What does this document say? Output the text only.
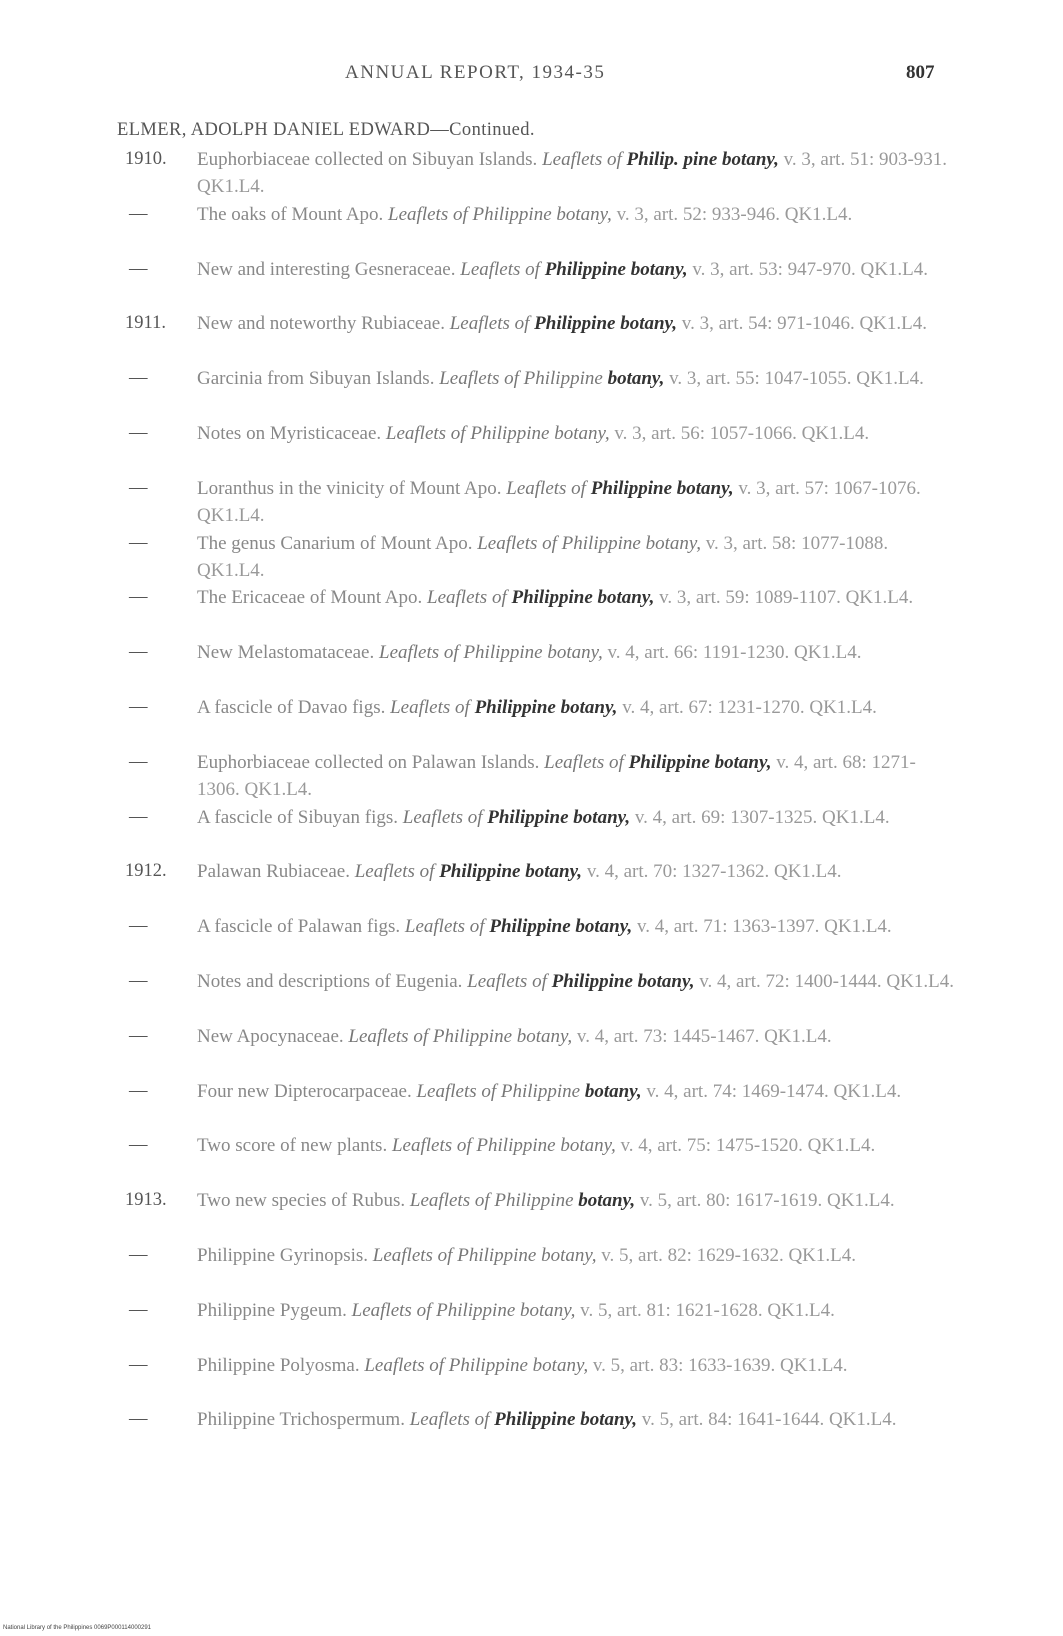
ANNUAL REPORT, 1934-35	807
ELMER, ADOLPH DANIEL EDWARD—Continued.
1910.	Euphorbiaceae collected on Sibuyan Islands. Leaflets of Philip. pine botany, v. 3, art. 51: 903-931. QK1.L4.
—	The oaks of Mount Apo. Leaflets of Philippine botany, v. 3, art. 52: 933-946. QK1.L4.
—	New and interesting Gesneraceae. Leaflets of Philippine botany, v. 3, art. 53: 947-970. QK1.L4.
1911.	New and noteworthy Rubiaceae. Leaflets of Philippine botany, v. 3, art. 54: 971-1046. QK1.L4.
—	Garcinia from Sibuyan Islands. Leaflets of Philippine botany, v. 3, art. 55: 1047-1055. QK1.L4.
—	Notes on Myristicaceae. Leaflets of Philippine botany, v. 3, art. 56: 1057-1066. QK1.L4.
—	Loranthus in the vinicity of Mount Apo. Leaflets of Philippine botany, v. 3, art. 57: 1067-1076. QK1.L4.
—	The genus Canarium of Mount Apo. Leaflets of Philippine botany, v. 3, art. 58: 1077-1088. QK1.L4.
—	The Ericaceae of Mount Apo. Leaflets of Philippine botany, v. 3, art. 59: 1089-1107. QK1.L4.
—	New Melastomataceae. Leaflets of Philippine botany, v. 4, art. 66: 1191-1230. QK1.L4.
—	A fascicle of Davao figs. Leaflets of Philippine botany, v. 4, art. 67: 1231-1270. QK1.L4.
—	Euphorbiaceae collected on Palawan Islands. Leaflets of Philippine botany, v. 4, art. 68: 1271-1306. QK1.L4.
—	A fascicle of Sibuyan figs. Leaflets of Philippine botany, v. 4, art. 69: 1307-1325. QK1.L4.
1912.	Palawan Rubiaceae. Leaflets of Philippine botany, v. 4, art. 70: 1327-1362. QK1.L4.
—	A fascicle of Palawan figs. Leaflets of Philippine botany, v. 4, art. 71: 1363-1397. QK1.L4.
—	Notes and descriptions of Eugenia. Leaflets of Philippine botany, v. 4, art. 72: 1400-1444. QK1.L4.
—	New Apocynaceae. Leaflets of Philippine botany, v. 4, art. 73: 1445-1467. QK1.L4.
—	Four new Dipterocarpaceae. Leaflets of Philippine botany, v. 4, art. 74: 1469-1474. QK1.L4.
—	Two score of new plants. Leaflets of Philippine botany, v. 4, art. 75: 1475-1520. QK1.L4.
1913.	Two new species of Rubus. Leaflets of Philippine botany, v. 5, art. 80: 1617-1619. QK1.L4.
—	Philippine Gyrinopsis. Leaflets of Philippine botany, v. 5, art. 82: 1629-1632. QK1.L4.
—	Philippine Pygeum. Leaflets of Philippine botany, v. 5, art. 81: 1621-1628. QK1.L4.
—	Philippine Polyosma. Leaflets of Philippine botany, v. 5, art. 83: 1633-1639. QK1.L4.
—	Philippine Trichospermum. Leaflets of Philippine botany, v. 5, art. 84: 1641-1644. QK1.L4.
National Library of the Philippines 0069P000114000291
